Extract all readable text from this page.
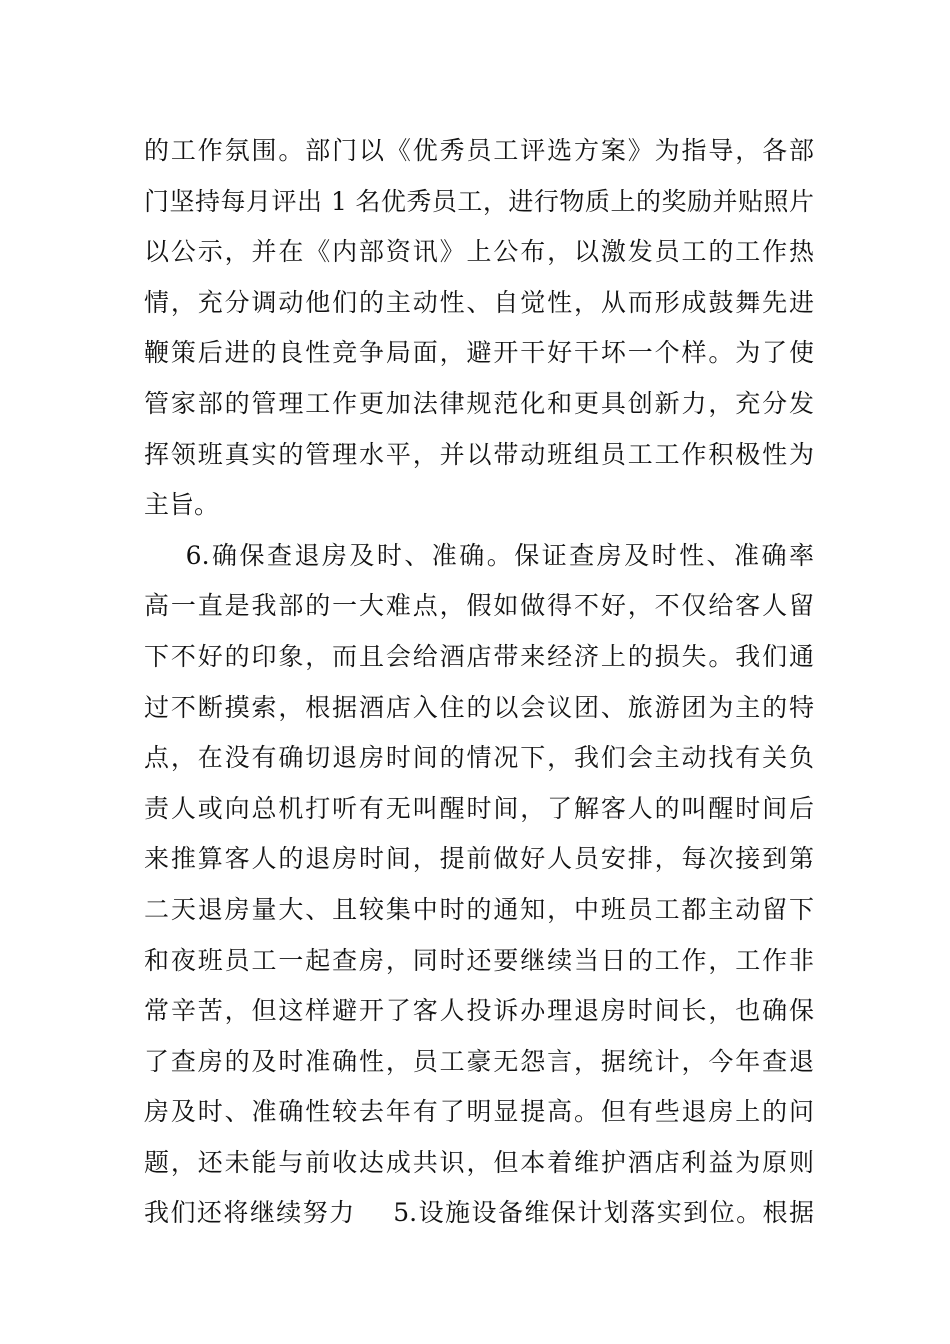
的工作氛围。部门以《优秀员工评选方案》为指导，各部
门坚持每月评出 1 名优秀员工，进行物质上的奖励并贴照片
以公示，并在《内部资讯》上公布，以激发员工的工作热
情，充分调动他们的主动性、自觉性，从而形成鼓舞先进
鞭策后进的良性竞争局面，避开干好干坏一个样。为了使
管家部的管理工作更加法律规范化和更具创新力，充分发
挥领班真实的管理水平，并以带动班组员工工作积极性为
主旨。
6.确保查退房及时、准确。保证查房及时性、准确率
高一直是我部的一大难点，假如做得不好，不仅给客人留
下不好的印象，而且会给酒店带来经济上的损失。我们通
过不断摸索，根据酒店入住的以会议团、旅游团为主的特
点，在没有确切退房时间的情况下，我们会主动找有关负
责人或向总机打听有无叫醒时间，了解客人的叫醒时间后
来推算客人的退房时间，提前做好人员安排，每次接到第
二天退房量大、且较集中时的通知，中班员工都主动留下
和夜班员工一起查房，同时还要继续当日的工作，工作非
常辛苦，但这样避开了客人投诉办理退房时间长，也确保
了查房的及时准确性，员工豪无怨言，据统计，今年查退
房及时、准确性较去年有了明显提高。但有些退房上的问
题，还未能与前收达成共识，但本着维护酒店利益为原则
我们还将继续努力    5.设施设备维保计划落实到位。根据
